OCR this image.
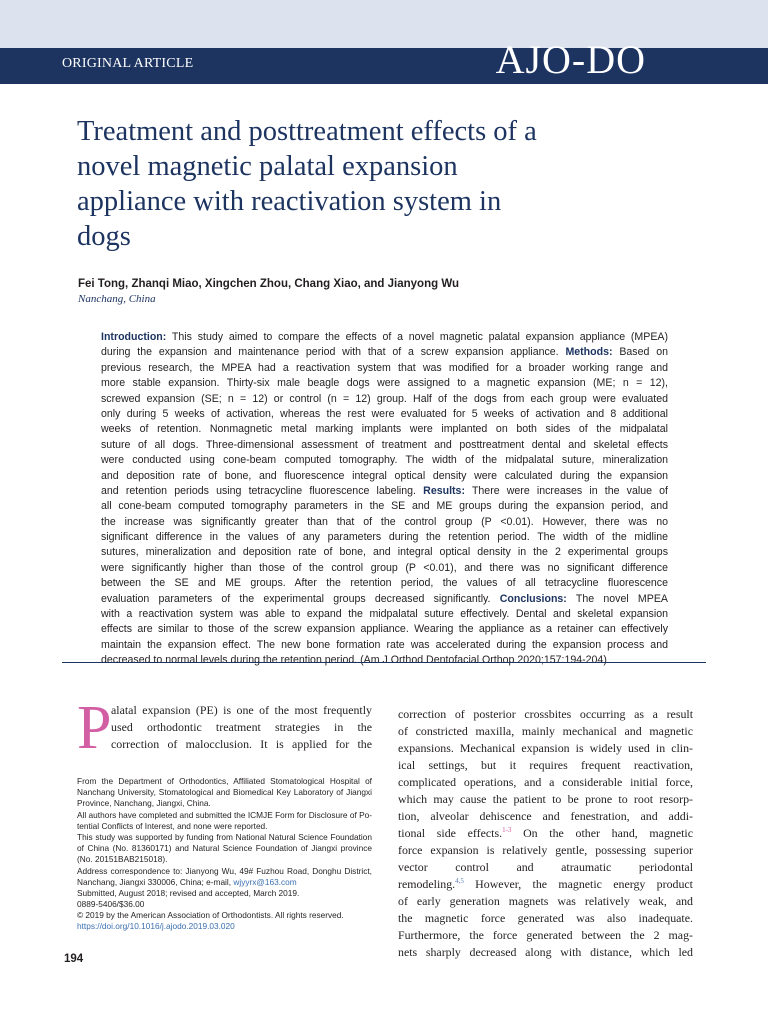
ORIGINAL ARTICLE	AJO-DO
Treatment and posttreatment effects of a
novel magnetic palatal expansion
appliance with reactivation system in
dogs
Fei Tong, Zhanqi Miao, Xingchen Zhou, Chang Xiao, and Jianyong Wu
Nanchang, China
Introduction: This study aimed to compare the effects of a novel magnetic palatal expansion appliance (MPEA)
during the expansion and maintenance period with that of a screw expansion appliance. Methods: Based on
previous research, the MPEA had a reactivation system that was modified for a broader working range and
more stable expansion. Thirty-six male beagle dogs were assigned to a magnetic expansion (ME; n = 12),
screwed expansion (SE; n = 12) or control (n = 12) group. Half of the dogs from each group were evaluated
only during 5 weeks of activation, whereas the rest were evaluated for 5 weeks of activation and 8 additional
weeks of retention. Nonmagnetic metal marking implants were implanted on both sides of the midpalatal
suture of all dogs. Three-dimensional assessment of treatment and posttreatment dental and skeletal effects
were conducted using cone-beam computed tomography. The width of the midpalatal suture, mineralization
and deposition rate of bone, and fluorescence integral optical density were calculated during the expansion
and retention periods using tetracycline fluorescence labeling. Results: There were increases in the value of
all cone-beam computed tomography parameters in the SE and ME groups during the expansion period, and
the increase was significantly greater than that of the control group (P <0.01). However, there was no
significant difference in the values of any parameters during the retention period. The width of the midline
sutures, mineralization and deposition rate of bone, and integral optical density in the 2 experimental groups
were significantly higher than those of the control group (P <0.01), and there was no significant difference
between the SE and ME groups. After the retention period, the values of all tetracycline fluorescence
evaluation parameters of the experimental groups decreased significantly. Conclusions: The novel MPEA
with a reactivation system was able to expand the midpalatal suture effectively. Dental and skeletal expansion
effects are similar to those of the screw expansion appliance. Wearing the appliance as a retainer can effectively
maintain the expansion effect. The new bone formation rate was accelerated during the expansion process and
decreased to normal levels during the retention period. (Am J Orthod Dentofacial Orthop 2020;157:194-204)
P alatal expansion (PE) is one of the most frequently
used orthodontic treatment strategies in the
correction of malocclusion. It is applied for the
From the Department of Orthodontics, Affiliated Stomatological Hospital of
Nanchang University, Stomatological and Biomedical Key Laboratory of Jiangxi
Province, Nanchang, Jiangxi, China.
All authors have completed and submitted the ICMJE Form for Disclosure of Po-
tential Conflicts of Interest, and none were reported.
This study was supported by funding from National Natural Science Foundation
of China (No. 81360171) and Natural Science Foundation of Jiangxi province
(No. 20151BAB215018).
Address correspondence to: Jianyong Wu, 49# Fuzhou Road, Donghu District,
Nanchang, Jiangxi 330006, China; e-mail, wjyyrx@163.com
Submitted, August 2018; revised and accepted, March 2019.
0889-5406/$36.00
© 2019 by the American Association of Orthodontists. All rights reserved.
https://doi.org/10.1016/j.ajodo.2019.03.020
194
correction of posterior crossbites occurring as a result
of constricted maxilla, mainly mechanical and magnetic
expansions. Mechanical expansion is widely used in clin-
ical settings, but it requires frequent reactivation,
complicated operations, and a considerable initial force,
which may cause the patient to be prone to root resorp-
tion, alveolar dehiscence and fenestration, and addi-
tional side effects.$^{1-3}$ On the other hand, magnetic
force expansion is relatively gentle, possessing superior
vector control and atraumatic periodontal
remodeling.$^{4,5}$ However, the magnetic energy product
of early generation magnets was relatively weak, and
the magnetic force generated was also inadequate.
Furthermore, the force generated between the 2 mag-
nets sharply decreased along with distance, which led
